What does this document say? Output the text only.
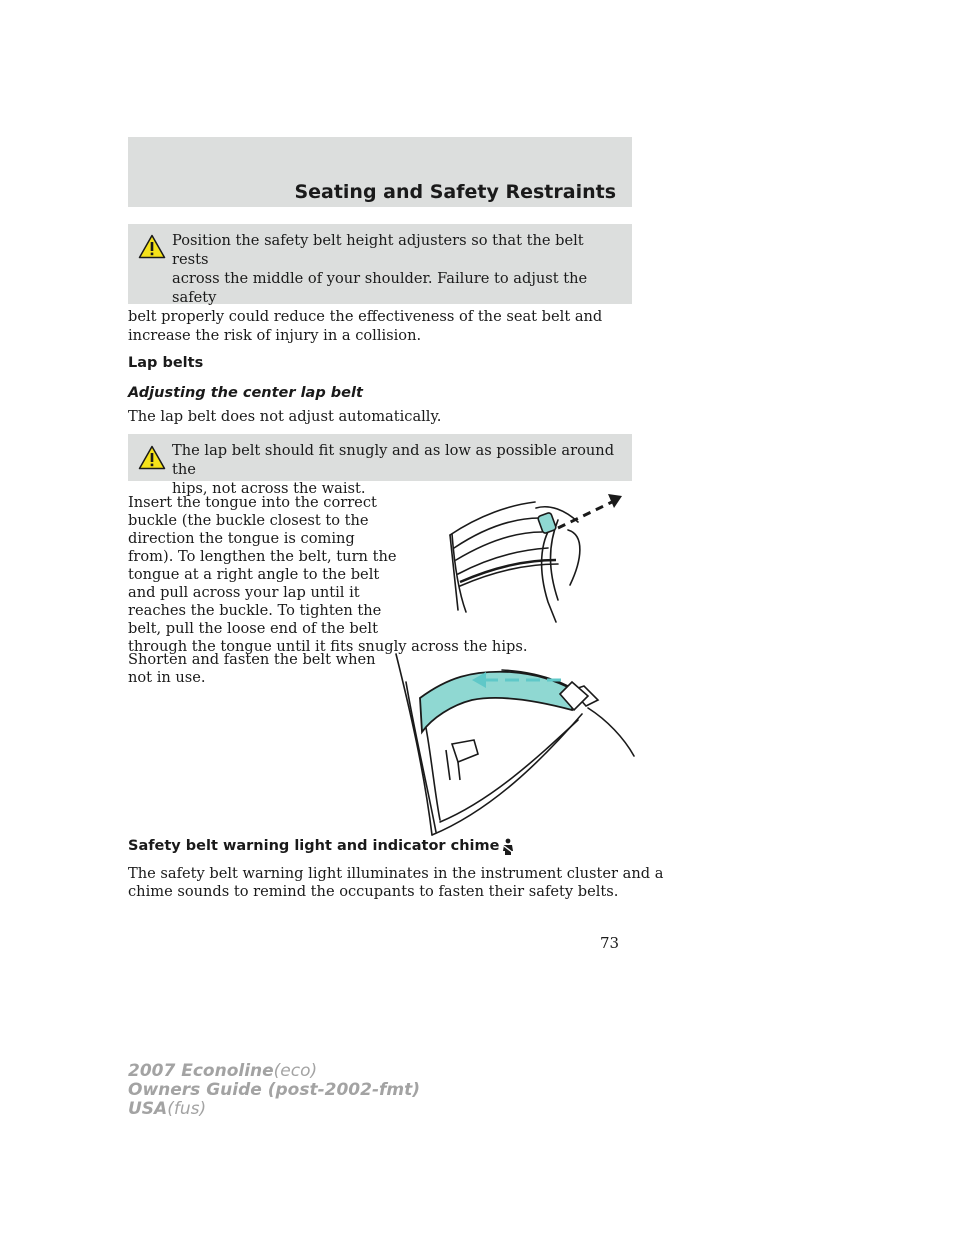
Seating and Safety Restraints

Position the safety belt height adjusters so that the belt rests

across the middle of your shoulder. Failure to adjust the safety

belt properly could reduce the effectiveness of the seat belt and

increase the risk of injury in a collision.

Lap belts
Adjusting the center lap belt

The lap belt does not adjust automatically.

The lap belt should fit snugly and as low as possible around the

hips, not across the waist.

Insert the tongue into the correct
buckle (the buckle closest to the
direction the tongue is coming
from). To lengthen the belt, turn the
tongue at a right angle to the belt
and pull across your lap until it
reaches the buckle. To tighten the
belt, pull the loose end of the belt
through the tongue until it fits snugly across the hips.
Shorten and fasten the belt when
not in use.
Safety belt warning light and indicator chime
The safety belt warning light illuminates in the instrument cluster and a
chime sounds to remind the occupants to fasten their safety belts.

73

2007 Econoline(eco)
Owners Guide (post-2002-fmt)
USA(fus)
